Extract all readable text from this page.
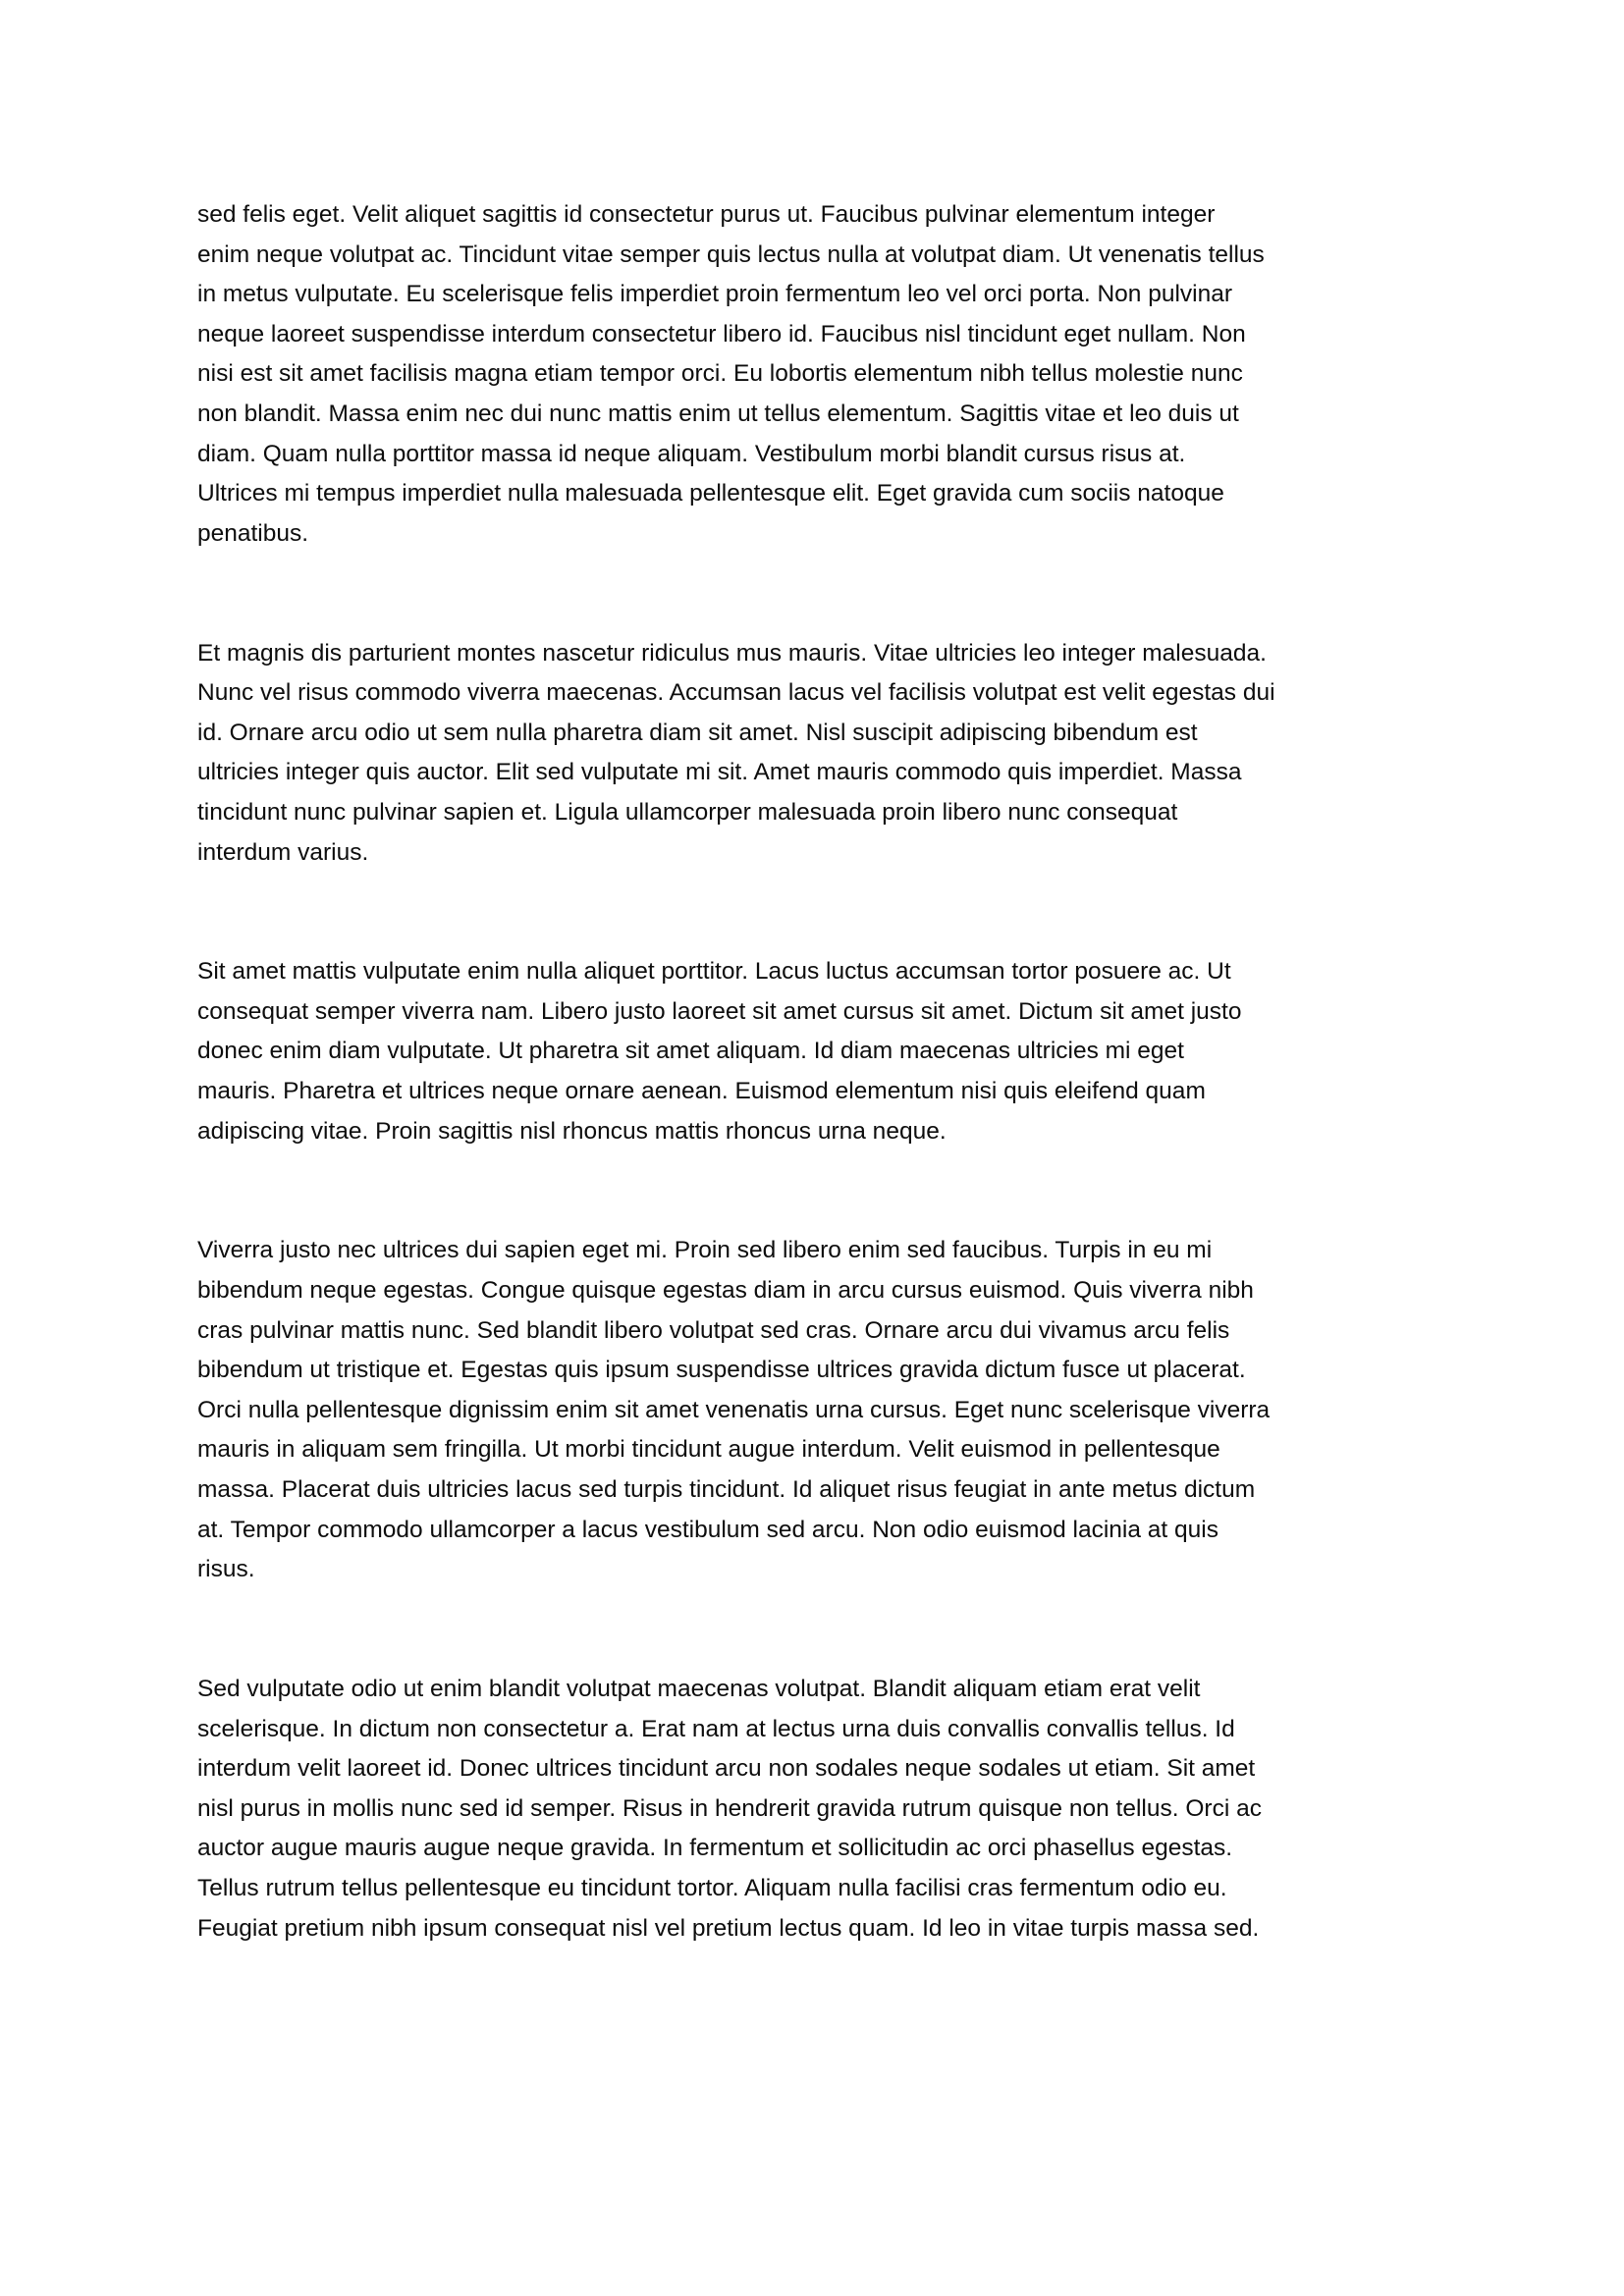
sed felis eget. Velit aliquet sagittis id consectetur purus ut. Faucibus pulvinar elementum integer
enim neque volutpat ac. Tincidunt vitae semper quis lectus nulla at volutpat diam. Ut venenatis tellus
in metus vulputate. Eu scelerisque felis imperdiet proin fermentum leo vel orci porta. Non pulvinar
neque laoreet suspendisse interdum consectetur libero id. Faucibus nisl tincidunt eget nullam. Non
nisi est sit amet facilisis magna etiam tempor orci. Eu lobortis elementum nibh tellus molestie nunc
non blandit. Massa enim nec dui nunc mattis enim ut tellus elementum. Sagittis vitae et leo duis ut
diam. Quam nulla porttitor massa id neque aliquam. Vestibulum morbi blandit cursus risus at.
Ultrices mi tempus imperdiet nulla malesuada pellentesque elit. Eget gravida cum sociis natoque
penatibus.

Et magnis dis parturient montes nascetur ridiculus mus mauris. Vitae ultricies leo integer malesuada.
Nunc vel risus commodo viverra maecenas. Accumsan lacus vel facilisis volutpat est velit egestas dui
id. Ornare arcu odio ut sem nulla pharetra diam sit amet. Nisl suscipit adipiscing bibendum est
ultricies integer quis auctor. Elit sed vulputate mi sit. Amet mauris commodo quis imperdiet. Massa
tincidunt nunc pulvinar sapien et. Ligula ullamcorper malesuada proin libero nunc consequat
interdum varius.

Sit amet mattis vulputate enim nulla aliquet porttitor. Lacus luctus accumsan tortor posuere ac. Ut
consequat semper viverra nam. Libero justo laoreet sit amet cursus sit amet. Dictum sit amet justo
donec enim diam vulputate. Ut pharetra sit amet aliquam. Id diam maecenas ultricies mi eget
mauris. Pharetra et ultrices neque ornare aenean. Euismod elementum nisi quis eleifend quam
adipiscing vitae. Proin sagittis nisl rhoncus mattis rhoncus urna neque.

Viverra justo nec ultrices dui sapien eget mi. Proin sed libero enim sed faucibus. Turpis in eu mi
bibendum neque egestas. Congue quisque egestas diam in arcu cursus euismod. Quis viverra nibh
cras pulvinar mattis nunc. Sed blandit libero volutpat sed cras. Ornare arcu dui vivamus arcu felis
bibendum ut tristique et. Egestas quis ipsum suspendisse ultrices gravida dictum fusce ut placerat.
Orci nulla pellentesque dignissim enim sit amet venenatis urna cursus. Eget nunc scelerisque viverra
mauris in aliquam sem fringilla. Ut morbi tincidunt augue interdum. Velit euismod in pellentesque
massa. Placerat duis ultricies lacus sed turpis tincidunt. Id aliquet risus feugiat in ante metus dictum
at. Tempor commodo ullamcorper a lacus vestibulum sed arcu. Non odio euismod lacinia at quis
risus.

Sed vulputate odio ut enim blandit volutpat maecenas volutpat. Blandit aliquam etiam erat velit
scelerisque. In dictum non consectetur a. Erat nam at lectus urna duis convallis convallis tellus. Id
interdum velit laoreet id. Donec ultrices tincidunt arcu non sodales neque sodales ut etiam. Sit amet
nisl purus in mollis nunc sed id semper. Risus in hendrerit gravida rutrum quisque non tellus. Orci ac
auctor augue mauris augue neque gravida. In fermentum et sollicitudin ac orci phasellus egestas.
Tellus rutrum tellus pellentesque eu tincidunt tortor. Aliquam nulla facilisi cras fermentum odio eu.
Feugiat pretium nibh ipsum consequat nisl vel pretium lectus quam. Id leo in vitae turpis massa sed.
